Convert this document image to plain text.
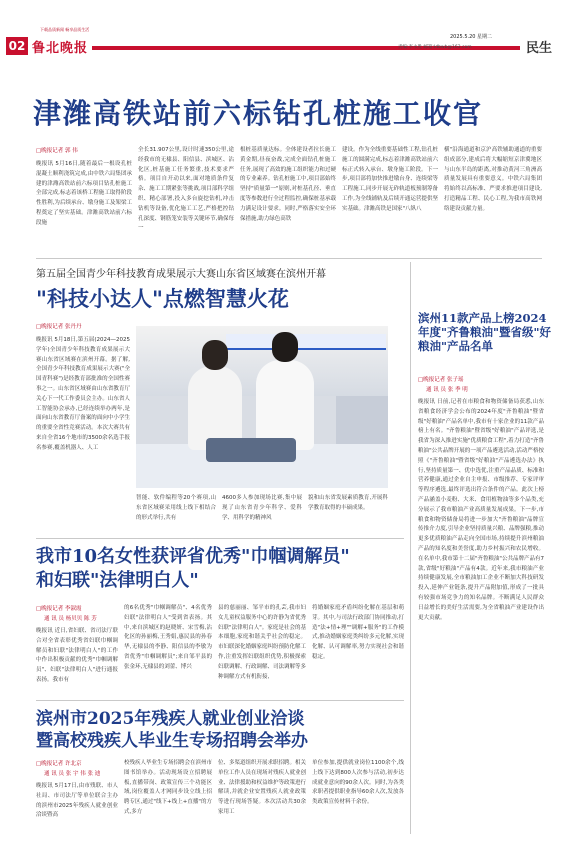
下载品质新闻 畅享品质生活
02 鲁北晚报
2025.5.20 星期二
责编:李永胜 邮箱:ldbwb@163.com	民生
津潍高铁站前六标钻孔桩施工收官
□晚报记者 郭 伟
晚报讯 5月16日,随着最后一根设孔桩混凝土顺利浇筑完成,由中铁六局集团承建的津潍高铁站前六标项目钻孔桩施工全部完成,标志着该桥工程施工取得阶段性胜利,为后续承台、墩身施工及架梁工程奠定了坚实基础。津潍高铁站前六标段施
全长31.907公里,设计时速350公里,途经我市的无棣县、阳信县、滨城区、沾化区,桩基施工任务繁重,技术要求严格。项目自开动以来,面对地质条件复杂、施工工期紧张等挑战,项目部科学组织、精心部署,投入多台旋挖钻机,冲击钻机等设备,优化施工工艺,严格把控钻孔深度、钢筋笼安装等关键环节,确保每一
根桩基质量达标。全体建设者拉长施工黄金期,昼夜奋战,完成全面钻孔桩施工任务,展现了高效的施工组织能力和过硬的专业素养。钻孔桩施工中,项目部始终坚持"质量第一"原则,对桩基孔径、垂直度等参数进行全过程监控,确保桩基承载力满足设计要求。同时,严格落实安全环保措施,助力绿色高铁
建设。作为全线重要基础性工程,钻孔桩施工的圆满完成,标志着津潍高铁站前六标正式转入承台、墩身施工阶段。下一步,项目部将加快推进墩台身、连续梁等工程施工,同步开展无砟轨道板预制筹备工作,为全线铺轨及后续开通运营提供坚实基础。津潍高铁是国家"八纵八
横"沿海通道和京沪高铁辅助通道的重要组成部分,建成后将大幅缩短京津冀地区与山东半岛的距离,对推动黄河三角洲高质量发展具有重要意义。中铁六局集团将始终以高标准、严要求推进项目建设,打造精品工程、民心工程,为我市高铁网络建设贡献力量。
第五届全国青少年科技教育成果展示大赛山东省区域赛在滨州开幕
"科技小达人"点燃智慧火花
□晚报记者 张丹丹
晚报讯 5月18日,第五届(2024—2025学年)全国青少年科技教育成果展示大赛山东省区域赛在滨州开幕。据了解,全国青少年科技教育成果展示大赛("全国青科赛")是经教育部批准的全国性赛事之一。山东省区域赛由山东省教育厅关心下一代工作委员会主办。山东省人工智能协会承办,已经连续举办两年,是面向山东省教育厅备案的面向中小学生的重要全省性竞赛活动。本次大赛共有来自全省16个地市的3500余名选手报名参赛,覆盖机器人、人工
智能、软件编程等20个赛项,山东省区域赛采用线上线下相结合的形式举行,共有
4600多人参加现场比赛,集中展现了山东省青少年科学、爱科学、用科学的精神风
貌和山东省发展素质教育,开展科学教育取得的丰硕成果。
滨州11款产品上榜2024年度"齐鲁粮油"暨省级"好粮油"产品名单
□晚报记者 张子瑶
通 讯 员 张 季 明
晚报讯 日前,记者在市粮食和物资储备局获悉,山东省粮食经济学会公布的2024年度"齐鲁粮油"暨省级"好粮油"产品名单中,我市有十家企业的11款产品榜上有名。"齐鲁粮油"暨省级"好粮油"产品评选,是我省为深入推进实施"优质粮食工程",着力打造"齐鲁粮油"公共品牌开展的一项产品遴选活动,活动严格按照《"齐鲁粮油"暨省级"好粮油"产品遴选办法》执行,坚持质量第一、优中选优,注重产品品质、标准和营养健康,通过企业自主申报、市级推荐、专家评审等程序遴选,最终评选出符合条件的产品。此次上榜产品涵盖小麦粉、大米、食用植物油等多个品类,充分展示了我市粮油产业高质量发展成果。下一步,市粮食和物资储备局将进一步加大"齐鲁粮油"品牌宣传推介力度,引导企业坚持质量兴粮、品牌强粮,推动更多优质粮油产品走向全国市场,持续提升滨州粮油产品的知名度和美誉度,助力乡村振兴和农民增收。在名单中,我市第十二届"齐鲁粮油"公共品牌产品有7款,省级"好粮油"产品有4款。近年来,我市粮油产业持续健康发展,全市粮油加工企业不断加大科技研发投入,延伸产业链条,提升产品附加值,形成了一批具有较强市场竞争力的知名品牌。不断满足人民群众日益增长的美好生活需要,为全省粮油产业建设作出更大贡献。
我市10名女性获评省优秀"巾帼调解员"
和妇联"法律明白人"
□晚报记者 李淑霞
通 讯 员 杨贝贝 陈 芳
晚报讯 近日,省妇联、省司法厅联合对全省表彰优秀省妇联巾帼调解员和妇联"法律明白人"的工作中作出积极贡献的优秀"巾帼调解员"、妇联"法律明白人"进行通报表扬。我市有
的6名优秀"巾帼调解员"、4名优秀妇联"法律明白人"受到省表扬。其中,来自滨城区的赵晓妍、宋雪梅,沾化区的孙丽梅,王秀娟,惠民县的孙春华,无棣县的李静、阳信县的李敏为省优秀"巾帼调解员";来自邹平县的张金环,无棣县的刘蕾、博兴
县的慈丽丽、邹平市的孔芸,我市妇女儿童权益服务中心的许静为省优秀妇联"法律明白人"。家庭是社会的基本细胞,家庭和谐关乎社会的稳定。市妇联深化婚姻家庭纠纷预防化解工作,注重发挥妇联组织优势,积极探索妇联调解、行政调解、司法调解等多种调解方式有机衔接,
将婚姻家庭矛盾纠纷化解在基层和萌芽。其中,与司法行政部门协同推动,打造"法+情+理""调解+服务"的工作模式,推动婚姻家庭类纠纷多元化解,实现化解、认可调解率,努力实现社会和谐稳定。
滨州市2025年残疾人就业创业洽谈
暨高校残疾人毕业生专场招聘会举办
□晚报记者 许北京
通 讯 员 张 宇 伟 张 迪
晚报讯 5月17日,由市残联、市人社局、市司法厅等单位联合主办的滨州市2025年残疾人就业创业洽谈暨高
校残疾人毕业生专场招聘会在滨州市图书馆举办。活动现场设立招聘展板,直播带岗、政策宣传三个功能区域,岗位覆盖人才网同步设立线上招聘专区,通过"线下+线上+直播"的方式,多方
位、多渠道组织开展求职招聘。相关单位工作人员在现场对残疾人就业创业、法律援助和权益维护等政策进行解读,并就企业安置残疾人就业政策等进行现场答疑。本次活动共30余家用工
单位参加,提供就业岗位1100余个,线上线下达到800人次参与活动,初步达成就业意向的90余人次。同时,为各类求职者提供职业指导60余人次,发放各类政策宣传材料千余份。
